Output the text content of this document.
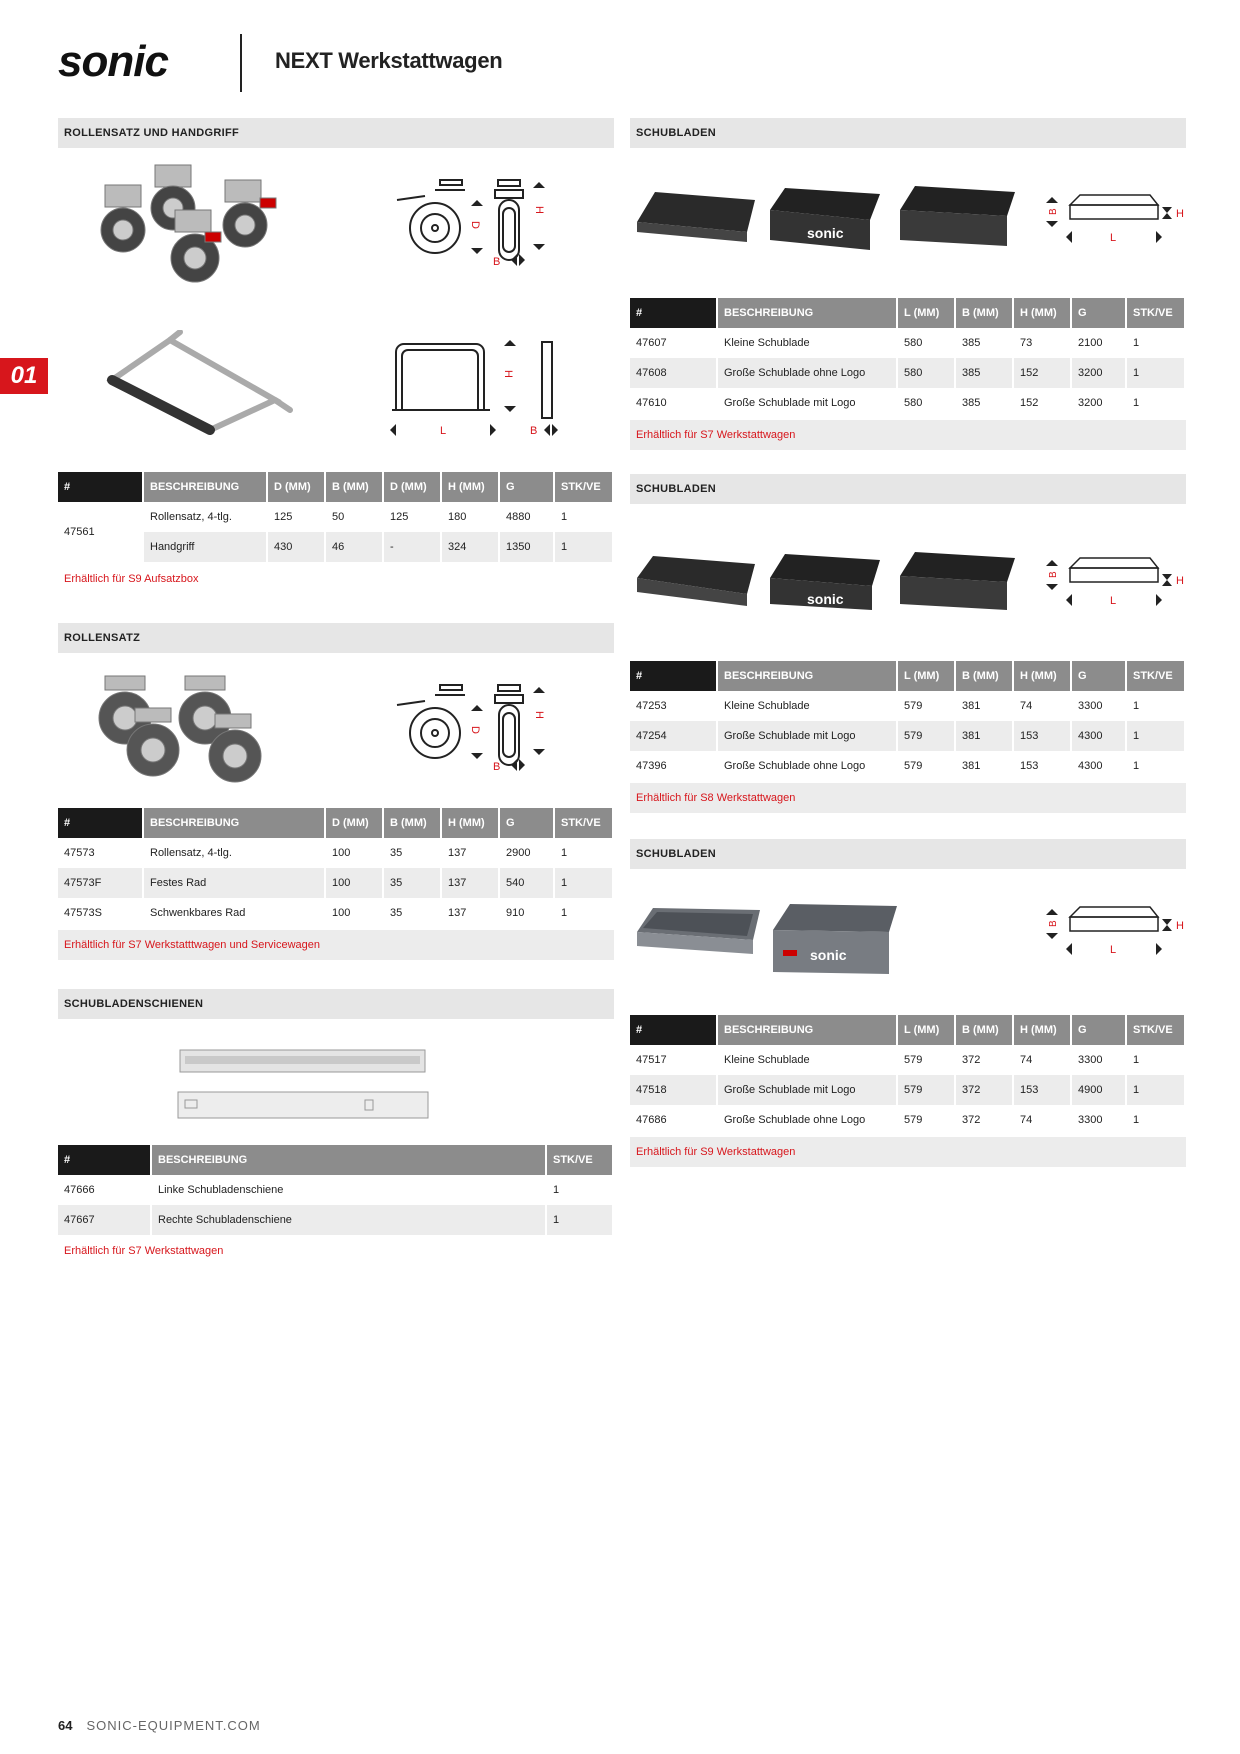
sonic	NEXT Werkstattwagen
01
ROLLENSATZ UND HANDGRIFF
D
H
B
H
L	B
#	BESCHREIBUNG	D (MM)	B (MM)	D (MM)	H (MM)	G	STK/VE
47561	Rollensatz, 4-tlg.	125	50	125	180	4880	1
	Handgriff	430	46	-	324	1350	1
Erhältlich für S9 Aufsatzbox
ROLLENSATZ
D
H
B
#	BESCHREIBUNG	D (MM)	B (MM)	H (MM)	G	STK/VE
47573	Rollensatz, 4-tlg.	100	35	137	2900	1
47573F	Festes Rad	100	35	137	540	1
47573S	Schwenkbares Rad	100	35	137	910	1
Erhältlich für S7 Werkstatttwagen und Servicewagen
SCHUBLADENSCHIENEN
#	BESCHREIBUNG	STK/VE
47666	Linke Schubladenschiene	1
47667	Rechte Schubladenschiene	1
Erhältlich für S7 Werkstattwagen
SCHUBLADEN
sonic
B	H
L
#	BESCHREIBUNG	L (MM)	B (MM)	H (MM)	G	STK/VE
47607	Kleine Schublade	580	385	73	2100	1
47608	Große Schublade ohne Logo	580	385	152	3200	1
47610	Große Schublade mit Logo	580	385	152	3200	1
Erhältlich für S7 Werkstattwagen
SCHUBLADEN
sonic
B
H
L
#	BESCHREIBUNG	L (MM)	B (MM)	H (MM)	G	STK/VE
47253	Kleine Schublade	579	381	74	3300	1
47254	Große Schublade mit Logo	579	381	153	4300	1
47396	Große Schublade ohne Logo	579	381	153	4300	1
Erhältlich für S8 Werkstattwagen
SCHUBLADEN
sonic
B	H
L
#	BESCHREIBUNG	L (MM)	B (MM)	H (MM)	G	STK/VE
47517	Kleine Schublade	579	372	74	3300	1
47518	Große Schublade mit Logo	579	372	153	4900	1
47686	Große Schublade ohne Logo	579	372	74	3300	1
Erhältlich für S9 Werkstattwagen
64 SONIC-EQUIPMENT.COM
